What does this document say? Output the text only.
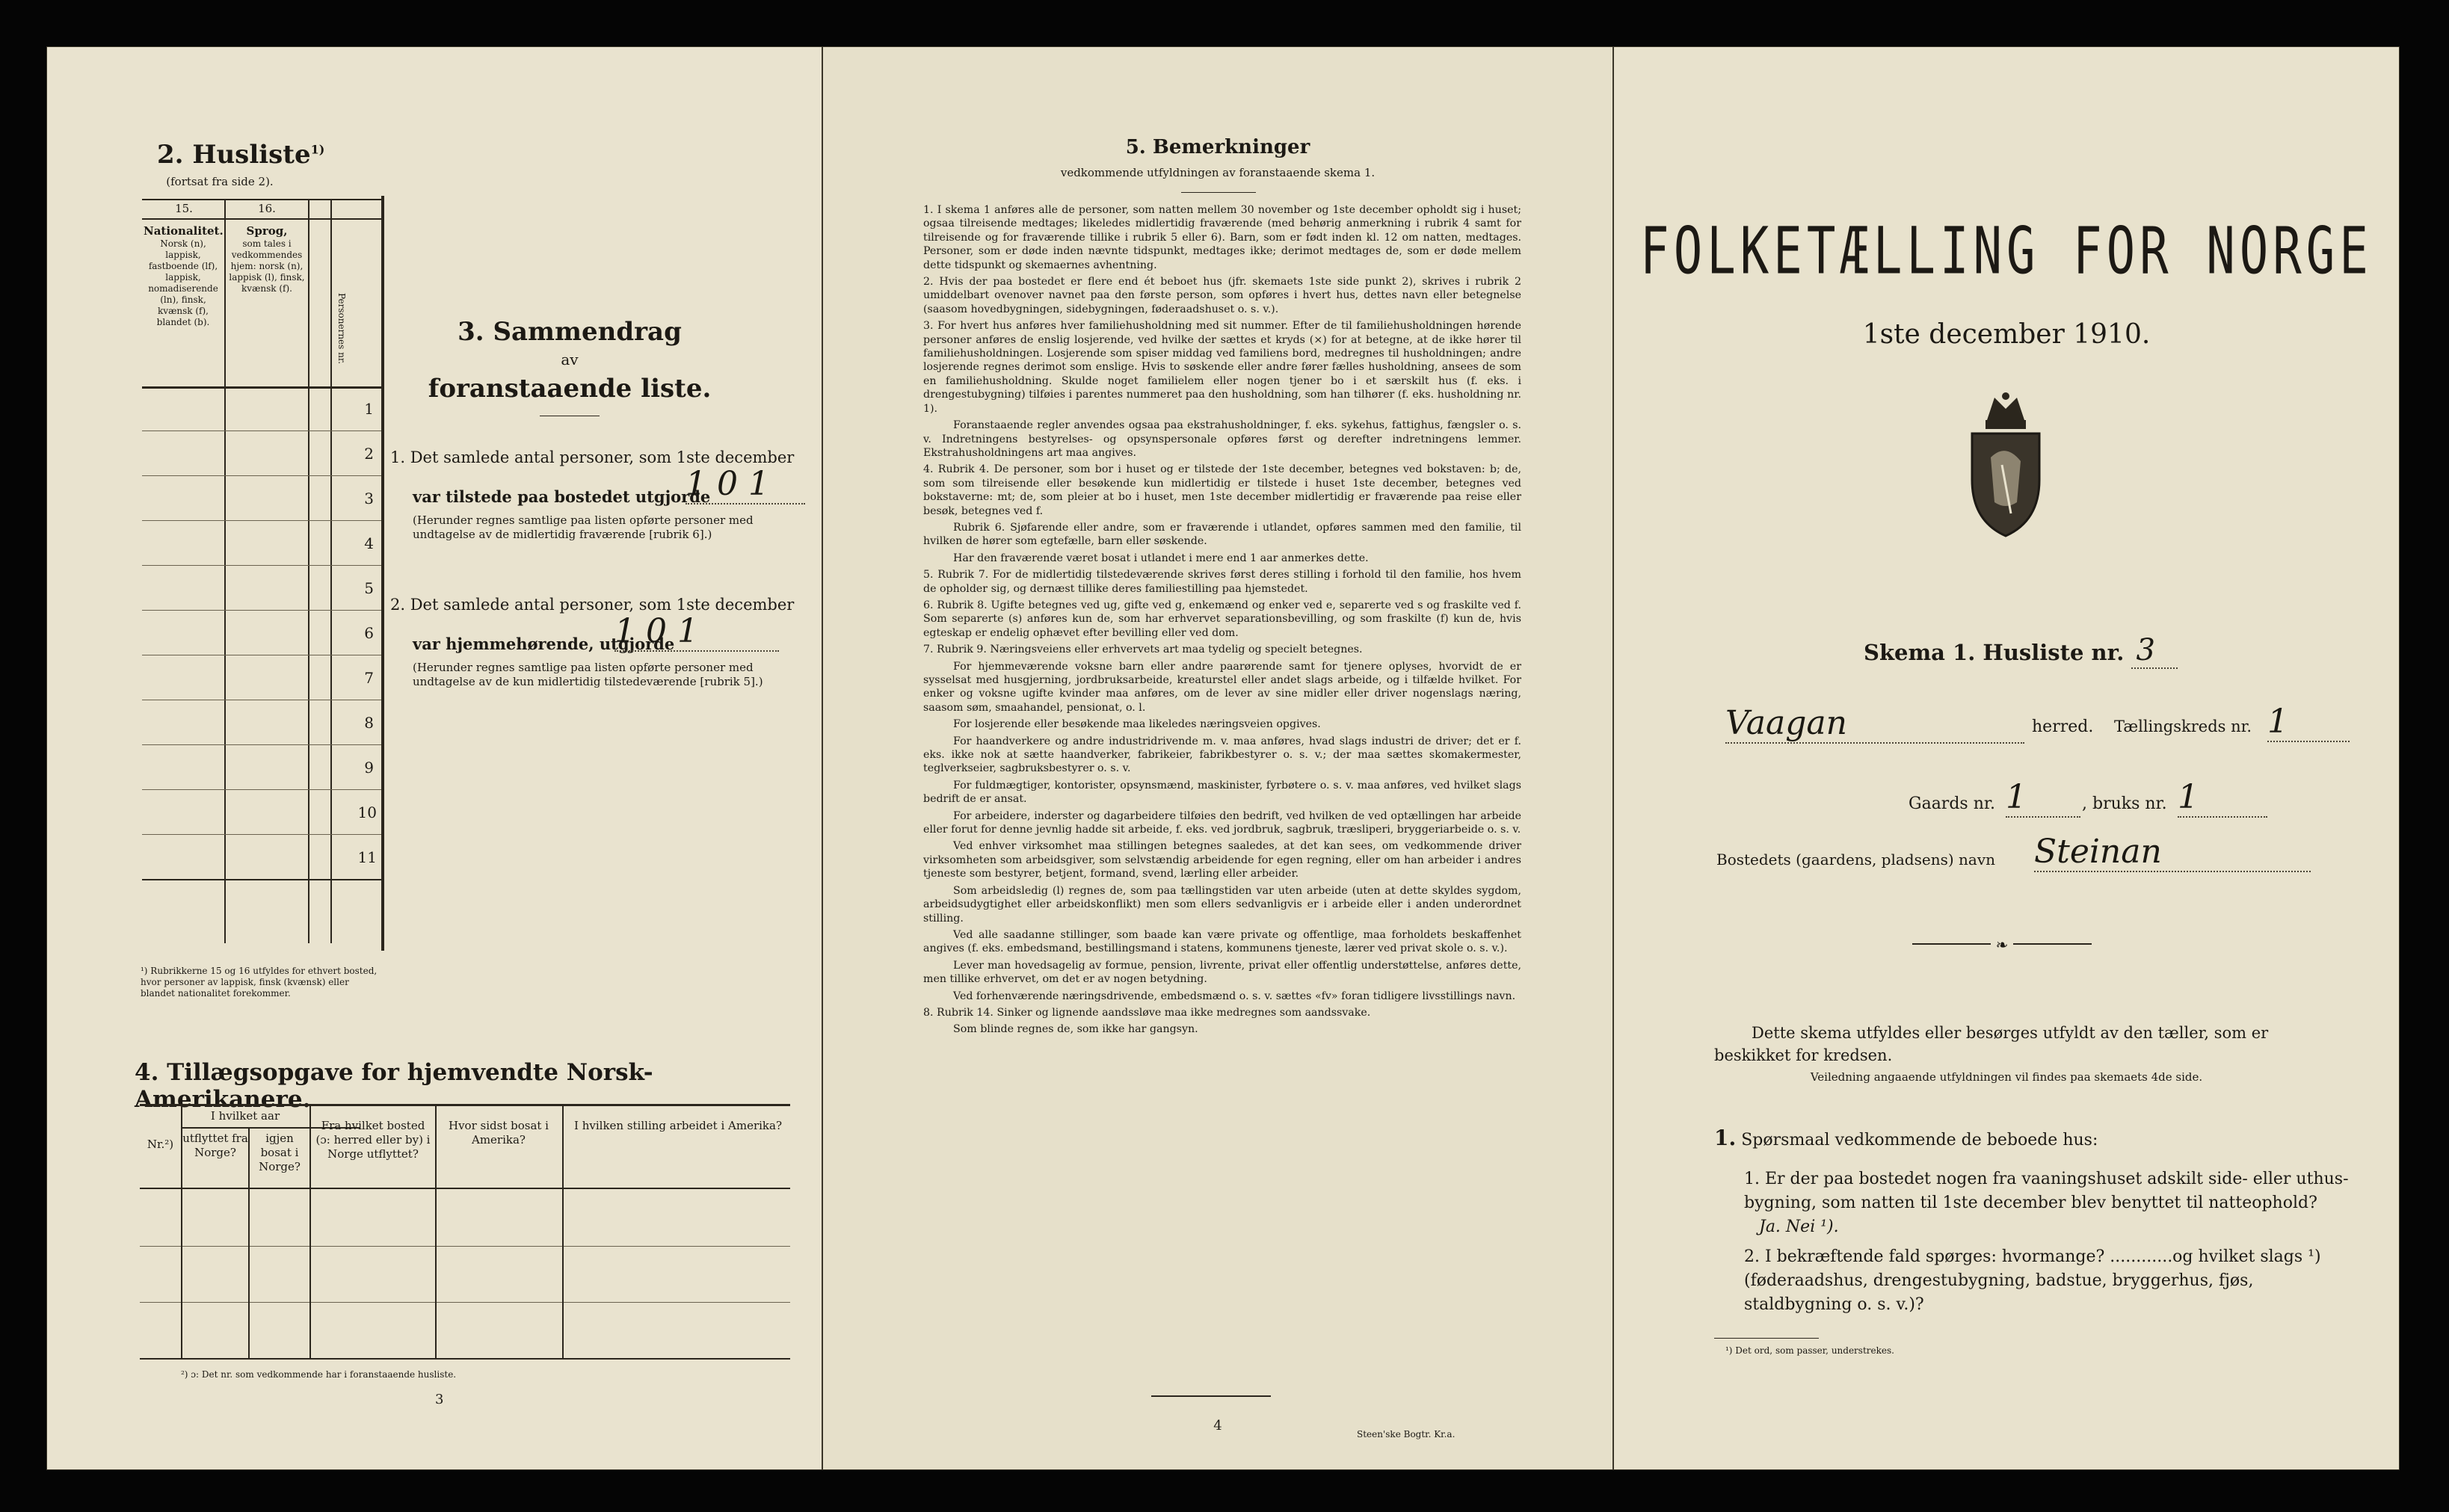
2. Husliste$^{1)}$
(fortsat fra side 2).
15.	16.
Nationalitet.
Norsk (n), lappisk, fastboende (lf), lappisk, nomadiserende (ln), finsk, kvænsk (f), blandet (b).
Sprog,
som tales i vedkommendes hjem: norsk (n), lappisk (l), finsk, kvænsk (f).
Personernes nr.
1
2
3
4
5
6
7
8
9
10
11
¹) Rubrikkerne 15 og 16 utfyldes for ethvert bosted, hvor personer av lappisk, finsk (kvænsk) eller blandet nationalitet forekommer.
3. Sammendrag
av
foranstaaende liste.
1. Det samlede antal personer, som 1ste december
var tilstede paa bostedet utgjorde
1 0 1
(Herunder regnes samtlige paa listen opførte personer med undtagelse av de midlertidig fraværende [rubrik 6].)
2. Det samlede antal personer, som 1ste december
var hjemmehørende, utgjorde
1 0 1
(Herunder regnes samtlige paa listen opførte personer med undtagelse av de kun midlertidig tilstedeværende [rubrik 5].)
4. Tillægsopgave for hjemvendte Norsk-Amerikanere.
Nr.²)
I hvilket aar
utflyttet fra Norge?
igjen bosat i Norge?
Fra hvilket bosted (ɔ: herred eller by) i Norge utflyttet?
Hvor sidst bosat i Amerika?
I hvilken stilling arbeidet i Amerika?
²) ɔ: Det nr. som vedkommende har i foranstaaende husliste.
3
5. Bemerkninger
vedkommende utfyldningen av foranstaaende skema 1.

1. I skema 1 anføres alle de personer, som natten mellem 30 november og 1ste december opholdt sig i huset; ogsaa tilreisende medtages; likeledes midlertidig fraværende (med behørig anmerkning i rubrik 4 samt for tilreisende og for fraværende tillike i rubrik 5 eller 6). Barn, som er født inden kl. 12 om natten, medtages. Personer, som er døde inden nævnte tidspunkt, medtages ikke; derimot medtages de, som er døde mellem dette tidspunkt og skemaernes avhentning.

2. Hvis der paa bostedet er flere end ét beboet hus (jfr. skemaets 1ste side punkt 2), skrives i rubrik 2 umiddelbart ovenover navnet paa den første person, som opføres i hvert hus, dettes navn eller betegnelse (saasom hovedbygningen, sidebygningen, føderaadshuset o. s. v.).

3. For hvert hus anføres hver familiehusholdning med sit nummer. Efter de til familiehusholdningen hørende personer anføres de enslig losjerende, ved hvilke der sættes et kryds (×) for at betegne, at de ikke hører til familiehusholdningen. Losjerende som spiser middag ved familiens bord, medregnes til husholdningen; andre losjerende regnes derimot som enslige. Hvis to søskende eller andre fører fælles husholdning, ansees de som en familiehusholdning. Skulde noget familielem eller nogen tjener bo i et særskilt hus (f. eks. i drengestubygning) tilføies i parentes nummeret paa den husholdning, som han tilhører (f. eks. husholdning nr. 1).

Foranstaaende regler anvendes ogsaa paa ekstrahusholdninger, f. eks. sykehus, fattighus, fængsler o. s. v. Indretningens bestyrelses- og opsynspersonale opføres først og derefter indretningens lemmer. Ekstrahusholdningens art maa angives.

4. Rubrik 4. De personer, som bor i huset og er tilstede der 1ste december, betegnes ved bokstaven: b; de, som som tilreisende eller besøkende kun midlertidig er tilstede i huset 1ste december, betegnes ved bokstaverne: mt; de, som pleier at bo i huset, men 1ste december midlertidig er fraværende paa reise eller besøk, betegnes ved f.

Rubrik 6. Sjøfarende eller andre, som er fraværende i utlandet, opføres sammen med den familie, til hvilken de hører som egtefælle, barn eller søskende.

Har den fraværende været bosat i utlandet i mere end 1 aar anmerkes dette.

5. Rubrik 7. For de midlertidig tilstedeværende skrives først deres stilling i forhold til den familie, hos hvem de opholder sig, og dernæst tillike deres familiestilling paa hjemstedet.

6. Rubrik 8. Ugifte betegnes ved ug, gifte ved g, enkemænd og enker ved e, separerte ved s og fraskilte ved f. Som separerte (s) anføres kun de, som har erhvervet separationsbevilling, og som fraskilte (f) kun de, hvis egteskap er endelig ophævet efter bevilling eller ved dom.

7. Rubrik 9. Næringsveiens eller erhvervets art maa tydelig og specielt betegnes.

For hjemmeværende voksne barn eller andre paarørende samt for tjenere oplyses, hvorvidt de er sysselsat med husgjerning, jordbruksarbeide, kreaturstel eller andet slags arbeide, og i tilfælde hvilket. For enker og voksne ugifte kvinder maa anføres, om de lever av sine midler eller driver nogenslags næring, saasom søm, smaahandel, pensionat, o. l.

For losjerende eller besøkende maa likeledes næringsveien opgives.

For haandverkere og andre industridrivende m. v. maa anføres, hvad slags industri de driver; det er f. eks. ikke nok at sætte haandverker, fabrikeier, fabrikbestyrer o. s. v.; der maa sættes skomakermester, teglverkseier, sagbruksbestyrer o. s. v.

For fuldmægtiger, kontorister, opsynsmænd, maskinister, fyrbøtere o. s. v. maa anføres, ved hvilket slags bedrift de er ansat.

For arbeidere, inderster og dagarbeidere tilføies den bedrift, ved hvilken de ved optællingen har arbeide eller forut for denne jevnlig hadde sit arbeide, f. eks. ved jordbruk, sagbruk, træsliperi, bryggeriarbeide o. s. v.

Ved enhver virksomhet maa stillingen betegnes saaledes, at det kan sees, om vedkommende driver virksomheten som arbeidsgiver, som selvstændig arbeidende for egen regning, eller om han arbeider i andres tjeneste som bestyrer, betjent, formand, svend, lærling eller arbeider.

Som arbeidsledig (l) regnes de, som paa tællingstiden var uten arbeide (uten at dette skyldes sygdom, arbeidsudygtighet eller arbeidskonflikt) men som ellers sedvanligvis er i arbeide eller i anden underordnet stilling.

Ved alle saadanne stillinger, som baade kan være private og offentlige, maa forholdets beskaffenhet angives (f. eks. embedsmand, bestillingsmand i statens, kommunens tjeneste, lærer ved privat skole o. s. v.).

Lever man hovedsagelig av formue, pension, livrente, privat eller offentlig understøttelse, anføres dette, men tillike erhvervet, om det er av nogen betydning.

Ved forhenværende næringsdrivende, embedsmænd o. s. v. sættes «fv» foran tidligere livsstillings navn.

8. Rubrik 14. Sinker og lignende aandssløve maa ikke medregnes som aandssvake.

Som blinde regnes de, som ikke har gangsyn.

4
Steen'ske Bogtr. Kr.a.
FOLKETÆLLING FOR NORGE
1ste december 1910.
Skema 1. Husliste nr. 3
Vaagan	herred. Tællingskreds nr. 1
Gaards nr. 1	, bruks nr. 1
Bostedets (gaardens, pladsens) navn Steinan
❧
Dette skema utfyldes eller besørges utfyldt av den tæller, som er beskikket for kredsen.
Veiledning angaaende utfyldningen vil findes paa skemaets 4de side.
1. Spørsmaal vedkommende de beboede hus:
1. Er der paa bostedet nogen fra vaaningshuset adskilt side- eller uthus-bygning, som natten til 1ste december blev benyttet til natteophold? Ja. Nei ¹).
2. I bekræftende fald spørges: hvormange? ............og hvilket slags ¹) (føderaadshus, drengestubygning, badstue, bryggerhus, fjøs, staldbygning o. s. v.)?
¹) Det ord, som passer, understrekes.
